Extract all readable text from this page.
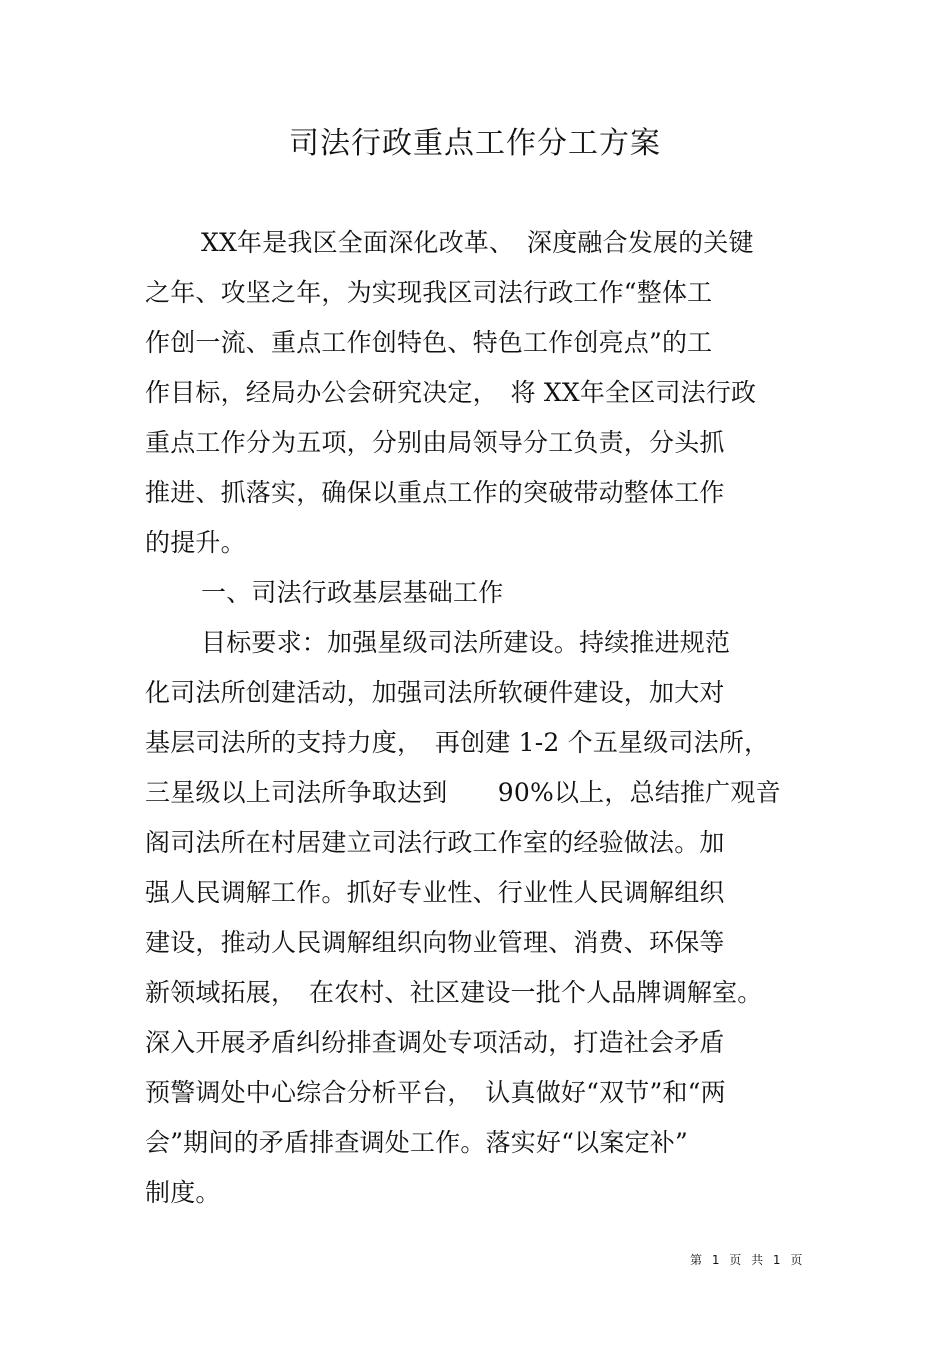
司法行政重点工作分工方案
XX年是我区全面深化改革、　深度融合发展的关键
之年、攻坚之年，为实现我区司法行政工作“整体工
作创一流、重点工作创特色、特色工作创亮点”的工
作目标，经局办公会研究决定，　将 XX年全区司法行政
重点工作分为五项，分别由局领导分工负责，分头抓
推进、抓落实，确保以重点工作的突破带动整体工作
的提升。
一、司法行政基层基础工作
目标要求：加强星级司法所建设。持续推进规范
化司法所创建活动，加强司法所软硬件建设，加大对
基层司法所的支持力度，　再创建 1-2 个五星级司法所，
三星级以上司法所争取达到　　90%以上，总结推广观音
阁司法所在村居建立司法行政工作室的经验做法。加
强人民调解工作。抓好专业性、行业性人民调解组织
建设，推动人民调解组织向物业管理、消费、环保等
新领域拓展，　在农村、社区建设一批个人品牌调解室。
深入开展矛盾纠纷排查调处专项活动，打造社会矛盾
预警调处中心综合分析平台，　认真做好“双节”和“两
会”期间的矛盾排查调处工作。落实好“以案定补”
制度。
第 1 页 共 1 页
